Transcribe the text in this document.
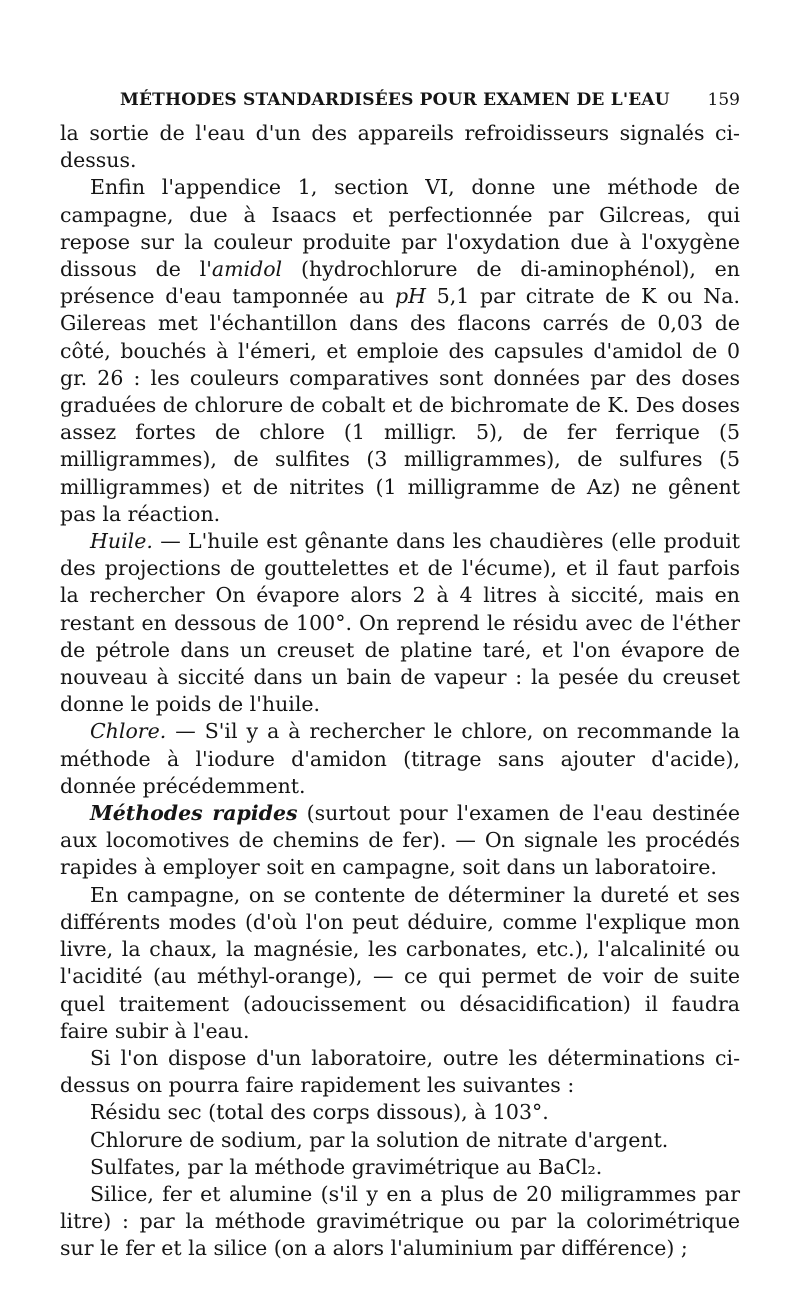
MÉTHODES STANDARDISÉES POUR EXAMEN DE L'EAU 159

la sortie de l'eau d'un des appareils refroidisseurs signalés ci-dessus.

Enfin l'appendice 1, section VI, donne une méthode de campagne, due à Isaacs et perfectionnée par Gilcreas, qui repose sur la couleur produite par l'oxydation due à l'oxygène dissous de l'amidol (hydrochlorure de di-aminophénol), en présence d'eau tamponnée au pH 5,1 par citrate de K ou Na. Gilereas met l'échantillon dans des flacons carrés de 0,03 de côté, bouchés à l'émeri, et emploie des capsules d'amidol de 0 gr. 26 : les couleurs comparatives sont données par des doses graduées de chlorure de cobalt et de bichromate de K. Des doses assez fortes de chlore (1 milligr. 5), de fer ferrique (5 milligrammes), de sulfites (3 milligrammes), de sulfures (5 milligrammes) et de nitrites (1 milligramme de Az) ne gênent pas la réaction.

Huile. — L'huile est gênante dans les chaudières (elle produit des projections de gouttelettes et de l'écume), et il faut parfois la rechercher On évapore alors 2 à 4 litres à siccité, mais en restant en dessous de 100°. On reprend le résidu avec de l'éther de pétrole dans un creuset de platine taré, et l'on évapore de nouveau à siccité dans un bain de vapeur : la pesée du creuset donne le poids de l'huile.

Chlore. — S'il y a à rechercher le chlore, on recommande la méthode à l'iodure d'amidon (titrage sans ajouter d'acide), donnée précédemment.

Méthodes rapides (surtout pour l'examen de l'eau destinée aux locomotives de chemins de fer). — On signale les procédés rapides à employer soit en campagne, soit dans un laboratoire.

En campagne, on se contente de déterminer la dureté et ses différents modes (d'où l'on peut déduire, comme l'explique mon livre, la chaux, la magnésie, les carbonates, etc.), l'alcalinité ou l'acidité (au méthyl-orange), — ce qui permet de voir de suite quel traitement (adoucissement ou désacidification) il faudra faire subir à l'eau.

Si l'on dispose d'un laboratoire, outre les déterminations ci-dessus on pourra faire rapidement les suivantes :

Résidu sec (total des corps dissous), à 103°.

Chlorure de sodium, par la solution de nitrate d'argent.

Sulfates, par la méthode gravimétrique au BaCl₂.

Silice, fer et alumine (s'il y en a plus de 20 miligrammes par litre) : par la méthode gravimétrique ou par la colorimétrique sur le fer et la silice (on a alors l'aluminium par différence) ;
